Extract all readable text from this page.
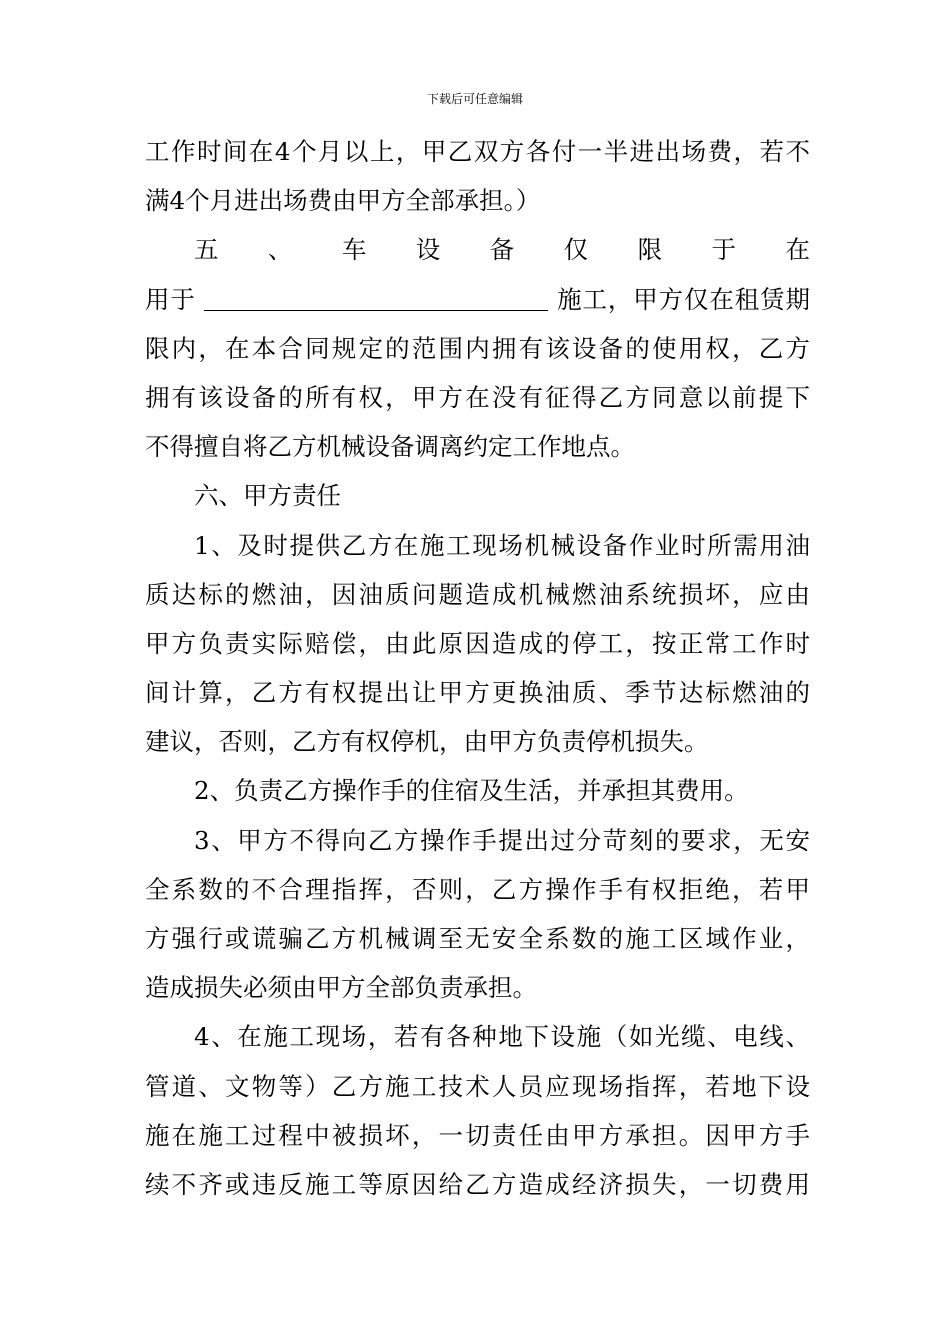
下载后可任意编辑
工作时间在4个月以上，甲乙双方各付一半进出场费，若不
满4个月进出场费由甲方全部承担。）
五 、 车 设 备 仅 限 于 在
用于	施工，甲方仅在租赁期
限内，在本合同规定的范围内拥有该设备的使用权，乙方
拥有该设备的所有权，甲方在没有征得乙方同意以前提下
不得擅自将乙方机械设备调离约定工作地点。
六、甲方责任
1、及时提供乙方在施工现场机械设备作业时所需用油
质达标的燃油，因油质问题造成机械燃油系统损坏，应由
甲方负责实际赔偿，由此原因造成的停工，按正常工作时
间计算，乙方有权提出让甲方更换油质、季节达标燃油的
建议，否则，乙方有权停机，由甲方负责停机损失。
2、负责乙方操作手的住宿及生活，并承担其费用。
3、甲方不得向乙方操作手提出过分苛刻的要求，无安
全系数的不合理指挥，否则，乙方操作手有权拒绝，若甲
方强行或谎骗乙方机械调至无安全系数的施工区域作业，
造成损失必须由甲方全部负责承担。
4、在施工现场，若有各种地下设施（如光缆、电线、
管道、文物等）乙方施工技术人员应现场指挥，若地下设
施在施工过程中被损坏，一切责任由甲方承担。因甲方手
续不齐或违反施工等原因给乙方造成经济损失，一切费用
